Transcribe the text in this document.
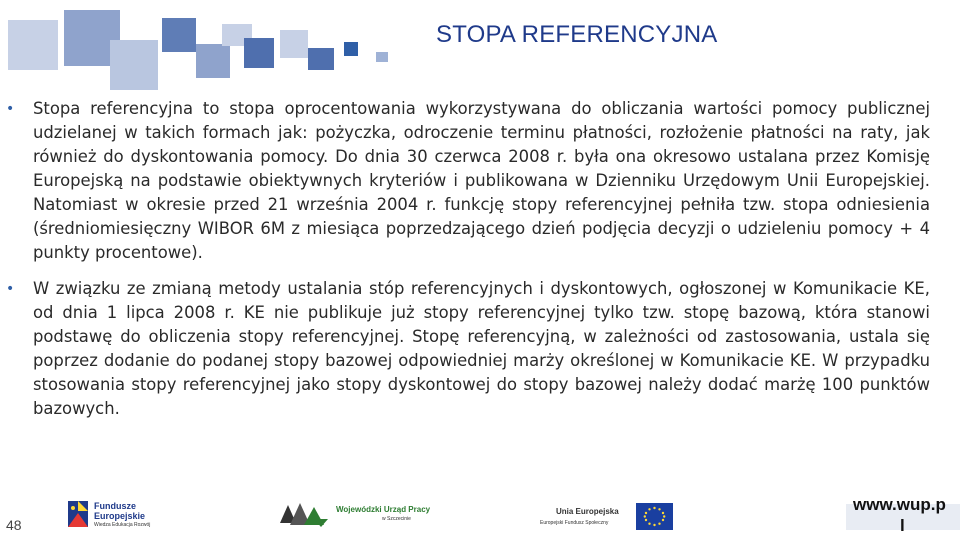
STOPA REFERENCYJNA
•	Stopa referencyjna to stopa oprocentowania wykorzystywana do obliczania wartości pomocy publicznej udzielanej w takich formach jak: pożyczka, odroczenie terminu płatności, rozłożenie płatności na raty, jak również do dyskontowania pomocy. Do dnia 30 czerwca 2008 r. była ona okresowo ustalana przez Komisję Europejską na podstawie obiektywnych kryteriów i publikowana w Dzienniku Urzędowym Unii Europejskiej. Natomiast w okresie przed 21 września 2004 r. funkcję stopy referencyjnej pełniła tzw. stopa odniesienia (średniomiesięczny WIBOR 6M z miesiąca poprzedzającego dzień podjęcia decyzji o udzieleniu pomocy + 4 punkty procentowe).
•	W związku ze zmianą metody ustalania stóp referencyjnych i dyskontowych, ogłoszonej w Komunikacie KE, od dnia 1 lipca 2008 r. KE nie publikuje już stopy referencyjnej tylko tzw. stopę bazową, która stanowi podstawę do obliczenia stopy referencyjnej. Stopę referencyjną, w zależności od zastosowania, ustala się poprzez dodanie do podanej stopy bazowej odpowiedniej marży określonej w Komunikacie KE. W przypadku stosowania stopy referencyjnej jako stopy dyskontowej do stopy bazowej należy dodać marżę 100 punktów bazowych.
48
Fundusze
Europejskie
Wiedza Edukacja Rozwój
Wojewódzki Urząd Pracy
w Szczecinie
Unia Europejska
Europejski Fundusz Społeczny
www.wup.p
l
